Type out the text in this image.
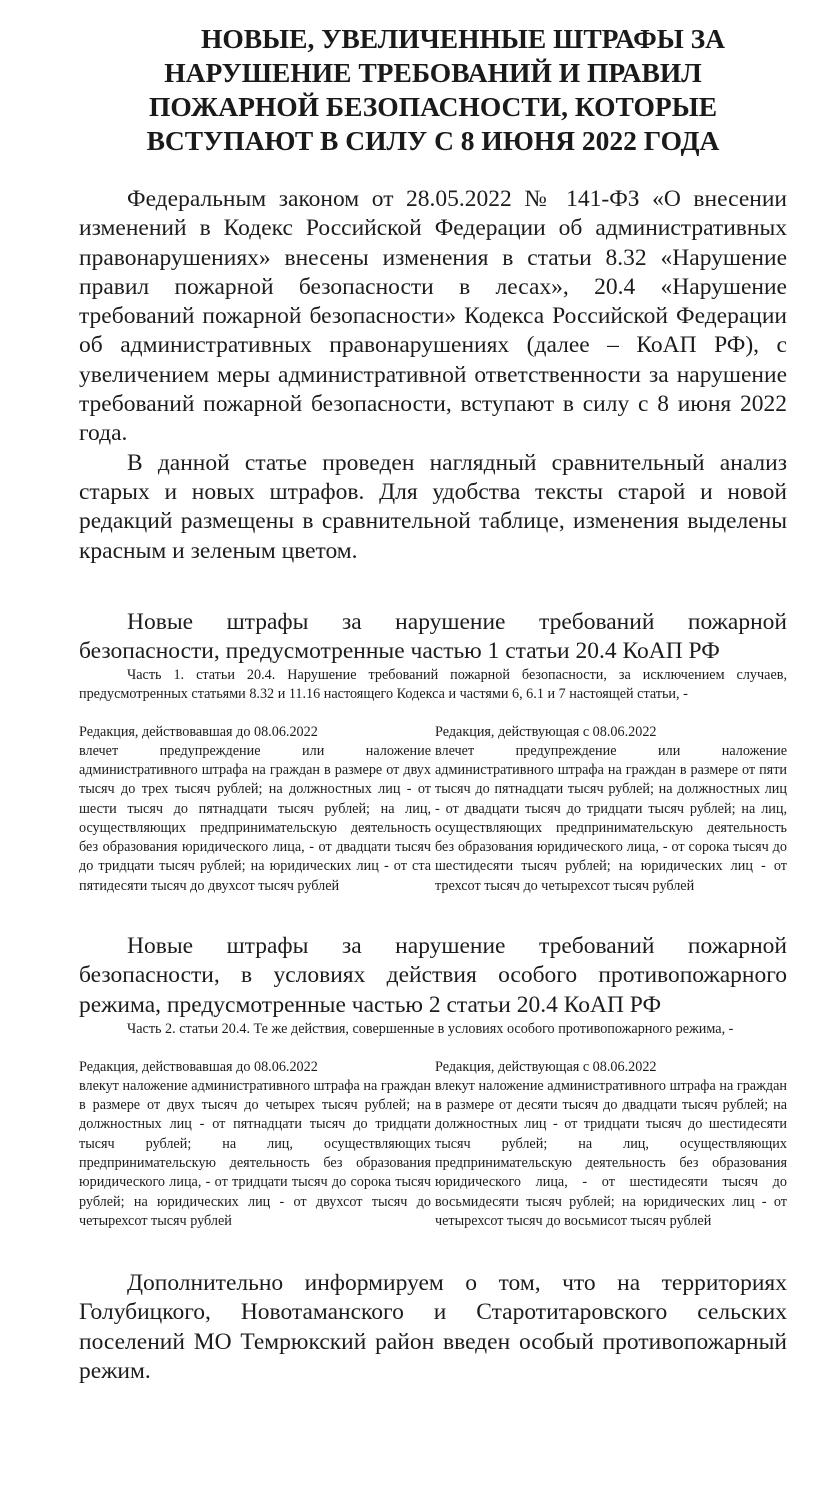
НОВЫЕ, УВЕЛИЧЕННЫЕ ШТРАФЫ ЗА
НАРУШЕНИЕ ТРЕБОВАНИЙ И ПРАВИЛ
ПОЖАРНОЙ БЕЗОПАСНОСТИ, КОТОРЫЕ
ВСТУПАЮТ В СИЛУ С 8 ИЮНЯ 2022 ГОДА

Федеральным законом от 28.05.2022 № 141-ФЗ «О внесении изменений в Кодекс Российской Федерации об административных правонарушениях» внесены изменения в статьи 8.32 «Нарушение правил пожарной безопасности в лесах», 20.4 «Нарушение требований пожарной безопасности» Кодекса Российской Федерации об административных правонарушениях (далее – КоАП РФ), с увеличением меры административной ответственности за нарушение требований пожарной безопасности, вступают в силу с 8 июня 2022 года.

В данной статье проведен наглядный сравнительный анализ старых и новых штрафов. Для удобства тексты старой и новой редакций размещены в сравнительной таблице, изменения выделены красным и зеленым цветом.

Новые штрафы за нарушение требований пожарной безопасности, предусмотренные частью 1 статьи 20.4 КоАП РФ

Часть 1. статьи 20.4. Нарушение требований пожарной безопасности, за исключением случаев, предусмотренных статьями 8.32 и 11.16 настоящего Кодекса и частями 6, 6.1 и 7 настоящей статьи, -

Редакция, действовавшая до 08.06.2022

влечет предупреждение или наложение административного штрафа на граждан в размере от двух тысяч до трех тысяч рублей; на должностных лиц - от шести тысяч до пятнадцати тысяч рублей; на лиц, осуществляющих предпринимательскую деятельность без образования юридического лица, - от двадцати тысяч до тридцати тысяч рублей; на юридических лиц - от ста пятидесяти тысяч до двухсот тысяч рублей

Редакция, действующая с 08.06.2022

влечет предупреждение или наложение административного штрафа на граждан в размере от пяти тысяч до пятнадцати тысяч рублей; на должностных лиц - от двадцати тысяч до тридцати тысяч рублей; на лиц, осуществляющих предпринимательскую деятельность без образования юридического лица, - от сорока тысяч до шестидесяти тысяч рублей; на юридических лиц - от трехсот тысяч до четырехсот тысяч рублей

Новые штрафы за нарушение требований пожарной безопасности, в условиях действия особого противопожарного режима, предусмотренные частью 2 статьи 20.4 КоАП РФ

Часть 2. статьи 20.4. Те же действия, совершенные в условиях особого противопожарного режима, -

Редакция, действовавшая до 08.06.2022

влекут наложение административного штрафа на граждан в размере от двух тысяч до четырех тысяч рублей; на должностных лиц - от пятнадцати тысяч до тридцати тысяч рублей; на лиц, осуществляющих предпринимательскую деятельность без образования юридического лица, - от тридцати тысяч до сорока тысяч рублей; на юридических лиц - от двухсот тысяч до четырехсот тысяч рублей

Редакция, действующая с 08.06.2022

влекут наложение административного штрафа на граждан в размере от десяти тысяч до двадцати тысяч рублей; на должностных лиц - от тридцати тысяч до шестидесяти тысяч рублей; на лиц, осуществляющих предпринимательскую деятельность без образования юридического лица, - от шестидесяти тысяч до восьмидесяти тысяч рублей; на юридических лиц - от четырехсот тысяч до восьмисот тысяч рублей

Дополнительно информируем о том, что на территориях Голубицкого, Новотаманского и Старотитаровского сельских поселений МО Темрюкский район введен особый противопожарный режим.
